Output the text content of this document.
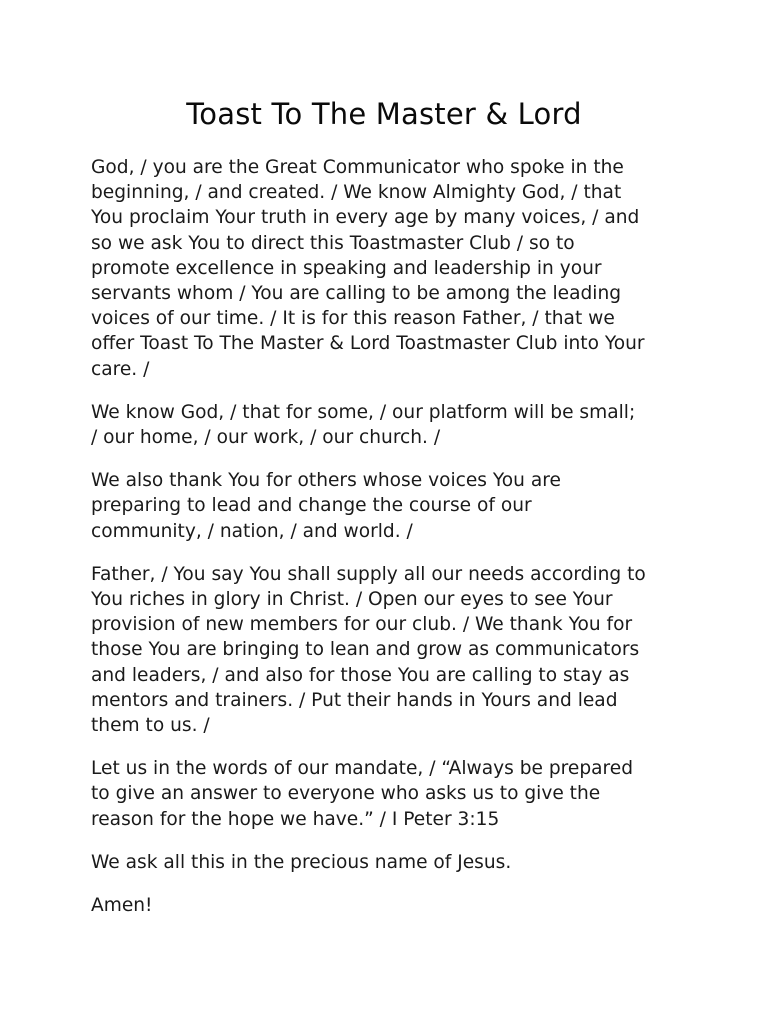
Toast To The Master & Lord

God, / you are the Great Communicator who spoke in the
beginning, / and created. / We know Almighty God, / that
You proclaim Your truth in every age by many voices, / and
so we ask You to direct this Toastmaster Club / so to
promote excellence in speaking and leadership in your
servants whom / You are calling to be among the leading
voices of our time. / It is for this reason Father, / that we
offer Toast To The Master & Lord Toastmaster Club into Your
care. /

We know God, / that for some, / our platform will be small;
/ our home, / our work, / our church. /

We also thank You for others whose voices You are
preparing to lead and change the course of our
community, / nation, / and world. /

Father, / You say You shall supply all our needs according to
You riches in glory in Christ. / Open our eyes to see Your
provision of new members for our club. / We thank You for
those You are bringing to lean and grow as communicators
and leaders, / and also for those You are calling to stay as
mentors and trainers. / Put their hands in Yours and lead
them to us. /

Let us in the words of our mandate, / “Always be prepared
to give an answer to everyone who asks us to give the
reason for the hope we have.” / I Peter 3:15

We ask all this in the precious name of Jesus.

Amen!
